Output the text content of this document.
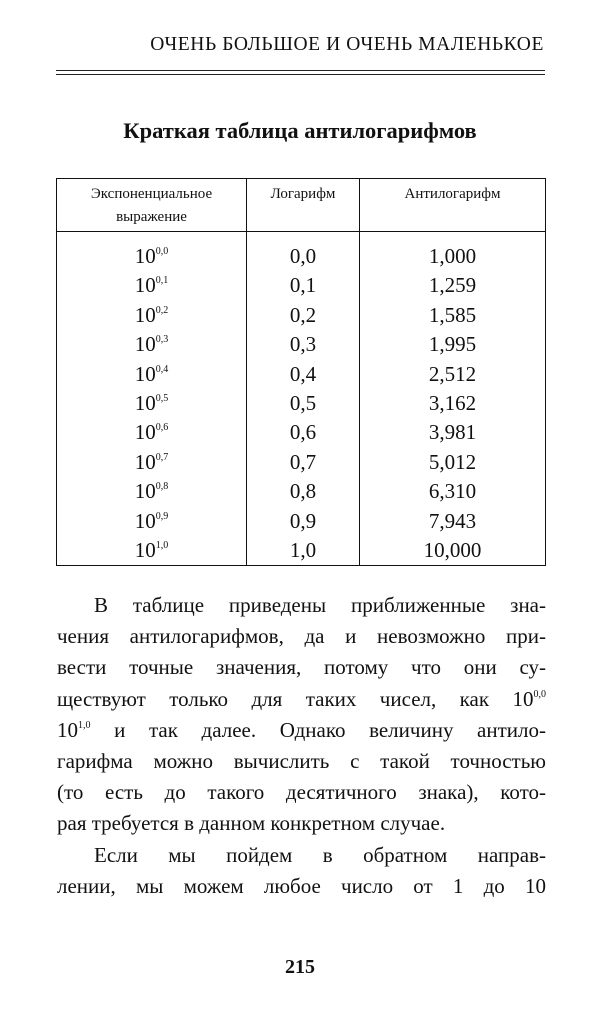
ОЧЕНЬ БОЛЬШОЕ И ОЧЕНЬ МАЛЕНЬКОЕ
Краткая таблица антилогарифмов
Экспоненциальное выражение	Логарифм	Антилогарифм
10$^{0,0}$	0,0	1,000
10$^{0,1}$	0,1	1,259
10$^{0,2}$	0,2	1,585
10$^{0,3}$	0,3	1,995
10$^{0,4}$	0,4	2,512
10$^{0,5}$	0,5	3,162
10$^{0,6}$	0,6	3,981
10$^{0,7}$	0,7	5,012
10$^{0,8}$	0,8	6,310
10$^{0,9}$	0,9	7,943
10$^{1,0}$	1,0	10,000
В таблице приведены приближенные зна-
чения антилогарифмов, да и невозможно при-
вести точные значения, потому что они су-
ществуют только для таких чисел, как 10$^{0,0}$
10$^{1,0}$ и так далее. Однако величину антило-
гарифма можно вычислить с такой точностью
(то есть до такого десятичного знака), кото-
рая требуется в данном конкретном случае.
Если мы пойдем в обратном направ-
лении, мы можем любое число от 1 до 10
215
